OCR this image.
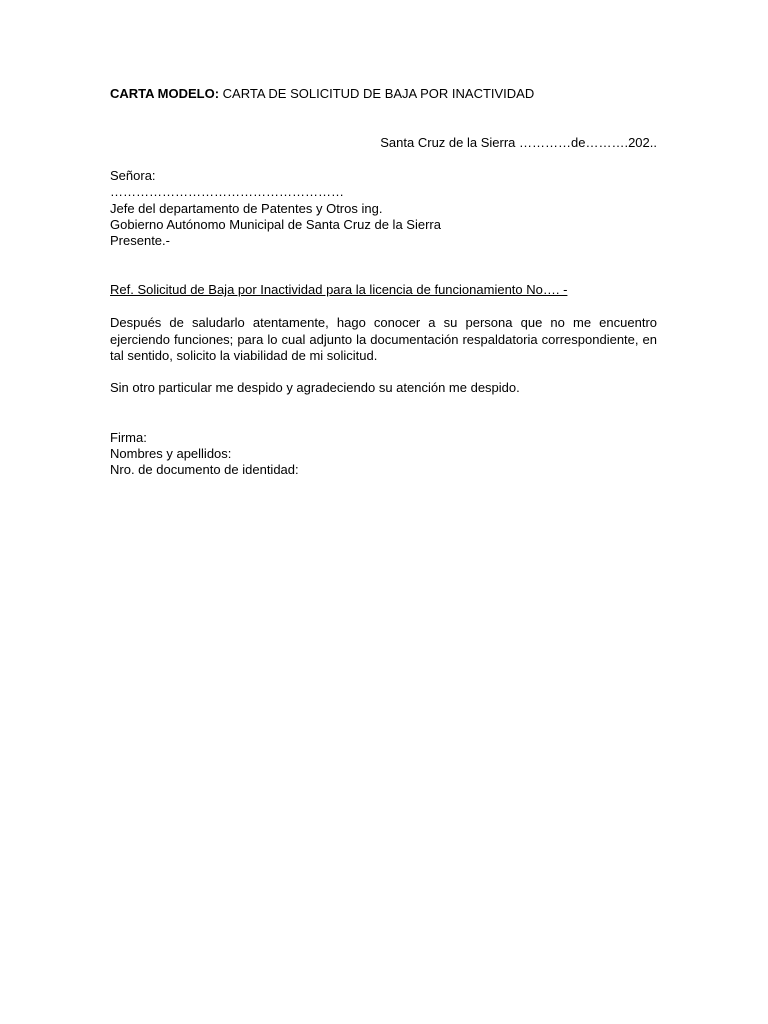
CARTA MODELO: CARTA DE SOLICITUD DE BAJA POR INACTIVIDAD
Santa Cruz de la Sierra …………de……….202..
Señora:
………………………………………………
Jefe del departamento de Patentes y Otros ing.
Gobierno Autónomo Municipal de Santa Cruz de la Sierra
Presente.-
Ref. Solicitud de Baja por Inactividad para la licencia de funcionamiento No…. -
Después de saludarlo atentamente, hago conocer a su persona que no me encuentro ejerciendo funciones; para lo cual adjunto la documentación respaldatoria correspondiente, en tal sentido, solicito la viabilidad de mi solicitud.
Sin otro particular me despido y agradeciendo su atención me despido.
Firma:
Nombres y apellidos:
Nro. de documento de identidad:
